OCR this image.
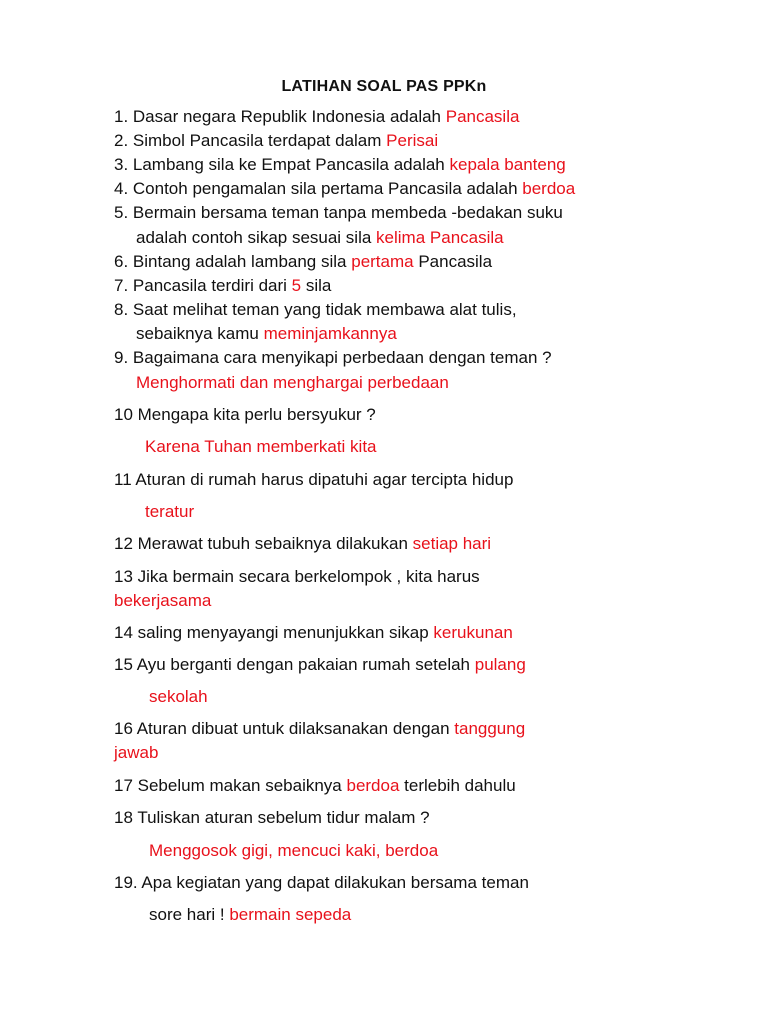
LATIHAN SOAL PAS PPKn
1. Dasar negara Republik Indonesia adalah Pancasila
2. Simbol Pancasila terdapat dalam Perisai
3. Lambang sila ke Empat Pancasila adalah kepala banteng
4. Contoh pengamalan sila pertama Pancasila adalah berdoa
5. Bermain bersama teman tanpa membeda -bedakan suku
adalah contoh sikap sesuai sila kelima Pancasila
6. Bintang adalah lambang sila pertama Pancasila
7. Pancasila terdiri dari 5 sila
8. Saat melihat teman yang tidak membawa alat tulis,
sebaiknya kamu meminjamkannya
9. Bagaimana cara menyikapi perbedaan dengan teman ?
Menghormati dan menghargai perbedaan
10 Mengapa kita perlu bersyukur ?
Karena Tuhan memberkati kita
11 Aturan di rumah harus dipatuhi agar tercipta hidup
teratur
12 Merawat tubuh sebaiknya dilakukan setiap hari
13 Jika bermain secara berkelompok , kita harus
bekerjasama
14 saling menyayangi menunjukkan sikap kerukunan
15 Ayu berganti dengan pakaian rumah setelah pulang
sekolah
16 Aturan dibuat untuk dilaksanakan dengan tanggung
jawab
17 Sebelum makan sebaiknya berdoa terlebih dahulu
18 Tuliskan aturan sebelum tidur malam ?
Menggosok gigi, mencuci kaki, berdoa
19. Apa kegiatan yang dapat dilakukan bersama teman
sore hari ! bermain sepeda
